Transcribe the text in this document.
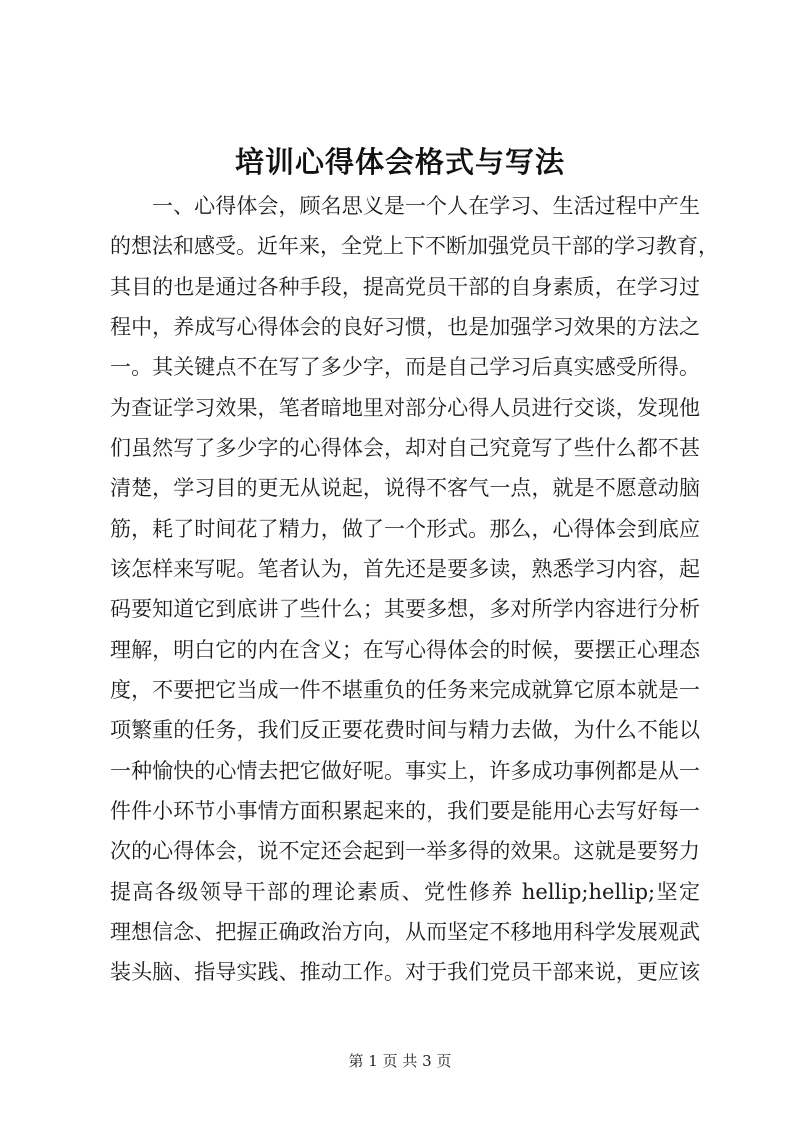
培训心得体会格式与写法
一、心得体会，顾名思义是一个人在学习、生活过程中产生
的想法和感受。近年来，全党上下不断加强党员干部的学习教育，
其目的也是通过各种手段，提高党员干部的自身素质，在学习过
程中，养成写心得体会的良好习惯，也是加强学习效果的方法之
一。其关键点不在写了多少字，而是自己学习后真实感受所得。
为查证学习效果，笔者暗地里对部分心得人员进行交谈，发现他
们虽然写了多少字的心得体会，却对自己究竟写了些什么都不甚
清楚，学习目的更无从说起，说得不客气一点，就是不愿意动脑
筋，耗了时间花了精力，做了一个形式。那么，心得体会到底应
该怎样来写呢。笔者认为，首先还是要多读，熟悉学习内容，起
码要知道它到底讲了些什么；其要多想，多对所学内容进行分析
理解，明白它的内在含义；在写心得体会的时候，要摆正心理态
度，不要把它当成一件不堪重负的任务来完成就算它原本就是一
项繁重的任务，我们反正要花费时间与精力去做，为什么不能以
一种愉快的心情去把它做好呢。事实上，许多成功事例都是从一
件件小环节小事情方面积累起来的，我们要是能用心去写好每一
次的心得体会，说不定还会起到一举多得的效果。这就是要努力
提高各级领导干部的理论素质、党性修养 hellip;hellip;坚定
理想信念、把握正确政治方向，从而坚定不移地用科学发展观武
装头脑、指导实践、推动工作。对于我们党员干部来说，更应该
第 1 页 共 3 页
